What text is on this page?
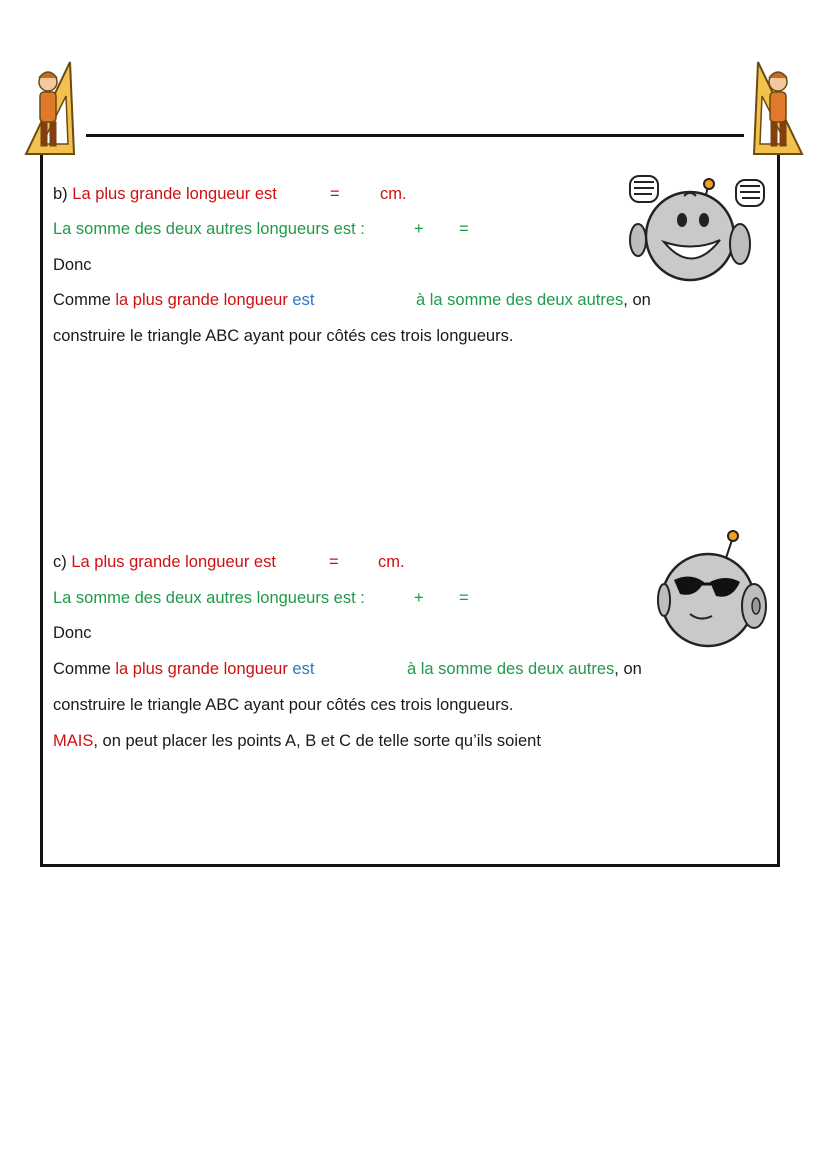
b) La plus grande longueur est	= cm.
La somme des deux autres longueurs est :	+ =
Donc
Comme la plus grande longueur est	à la somme des deux autres, on
construire le triangle ABC ayant pour côtés ces trois longueurs.
c) La plus grande longueur est	= cm.
La somme des deux autres longueurs est :	+ =
Donc
Comme la plus grande longueur est	à la somme des deux autres, on
construire le triangle ABC ayant pour côtés ces trois longueurs.
MAIS, on peut placer les points A, B et C de telle sorte qu’ils soient
